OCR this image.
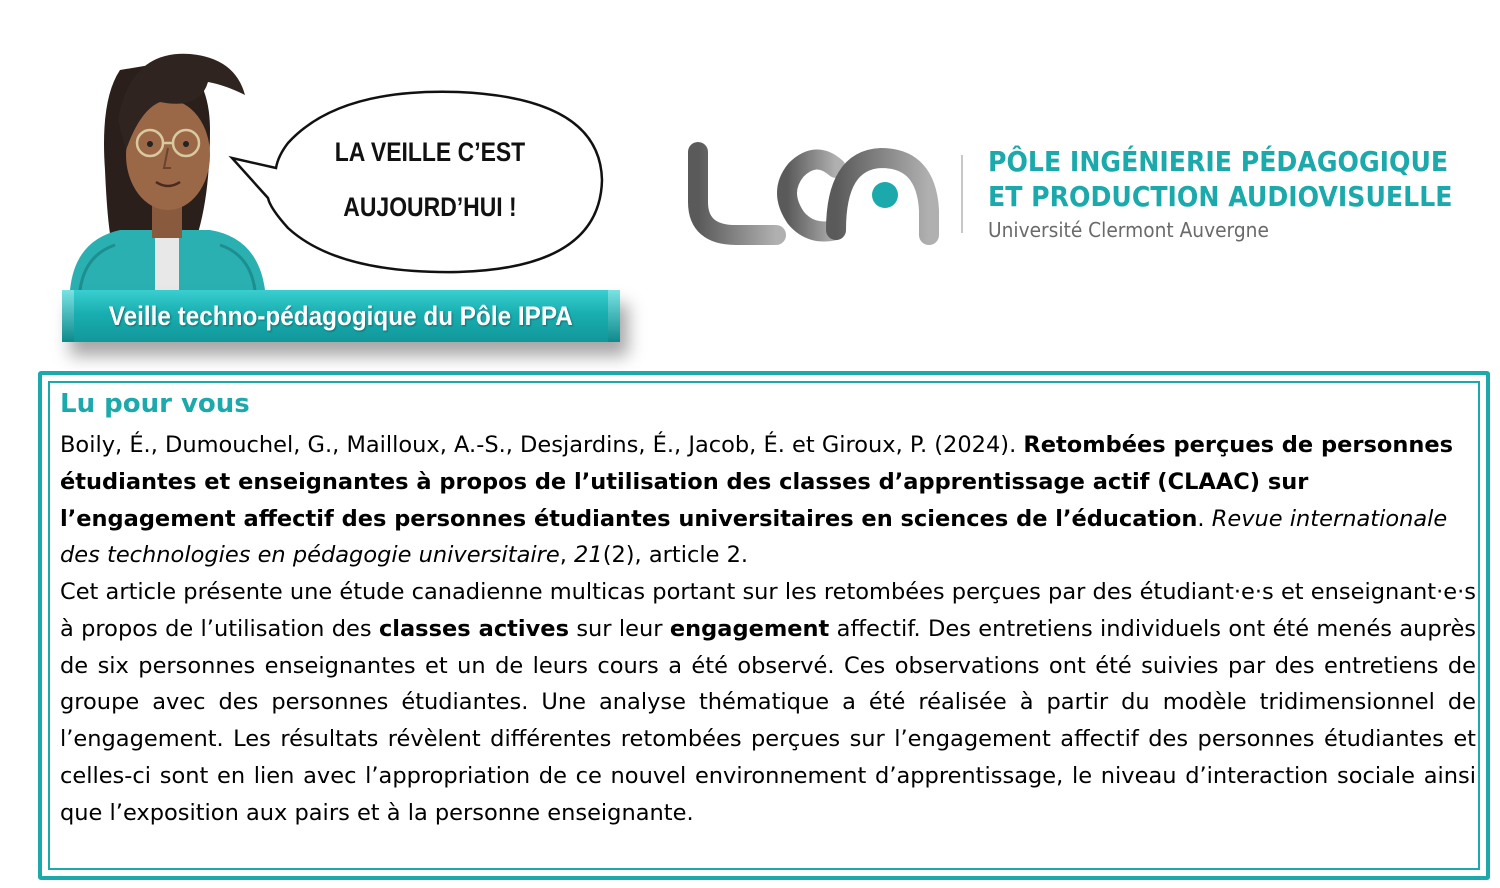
LA VEILLE C’EST
AUJOURD’HUI !
Veille techno-pédagogique du Pôle IPPA
PÔLE INGÉNIERIE PÉDAGOGIQUE
ET PRODUCTION AUDIOVISUELLE
Université Clermont Auvergne
Lu pour vous
Boily, É., Dumouchel, G., Mailloux, A.-S., Desjardins, É., Jacob, É. et Giroux, P. (2024). Retombées perçues de personnes étudiantes et enseignantes à propos de l’utilisation des classes d’apprentissage actif (CLAAC) sur l’engagement affectif des personnes étudiantes universitaires en sciences de l’éducation. Revue internationale des technologies en pédagogie universitaire, 21(2), article 2.
Cet article présente une étude canadienne multicas portant sur les retombées perçues par des étudiant·e·s et enseignant·e·s à propos de l’utilisation des classes actives sur leur engagement affectif. Des entretiens individuels ont été menés auprès de six personnes enseignantes et un de leurs cours a été observé. Ces observations ont été suivies par des entretiens de groupe avec des personnes étudiantes. Une analyse thématique a été réalisée à partir du modèle tridimensionnel de l’engagement. Les résultats révèlent différentes retombées perçues sur l’engagement affectif des personnes étudiantes et celles-ci sont en lien avec l’appropriation de ce nouvel environnement d’apprentissage, le niveau d’interaction sociale ainsi que l’exposition aux pairs et à la personne enseignante.
